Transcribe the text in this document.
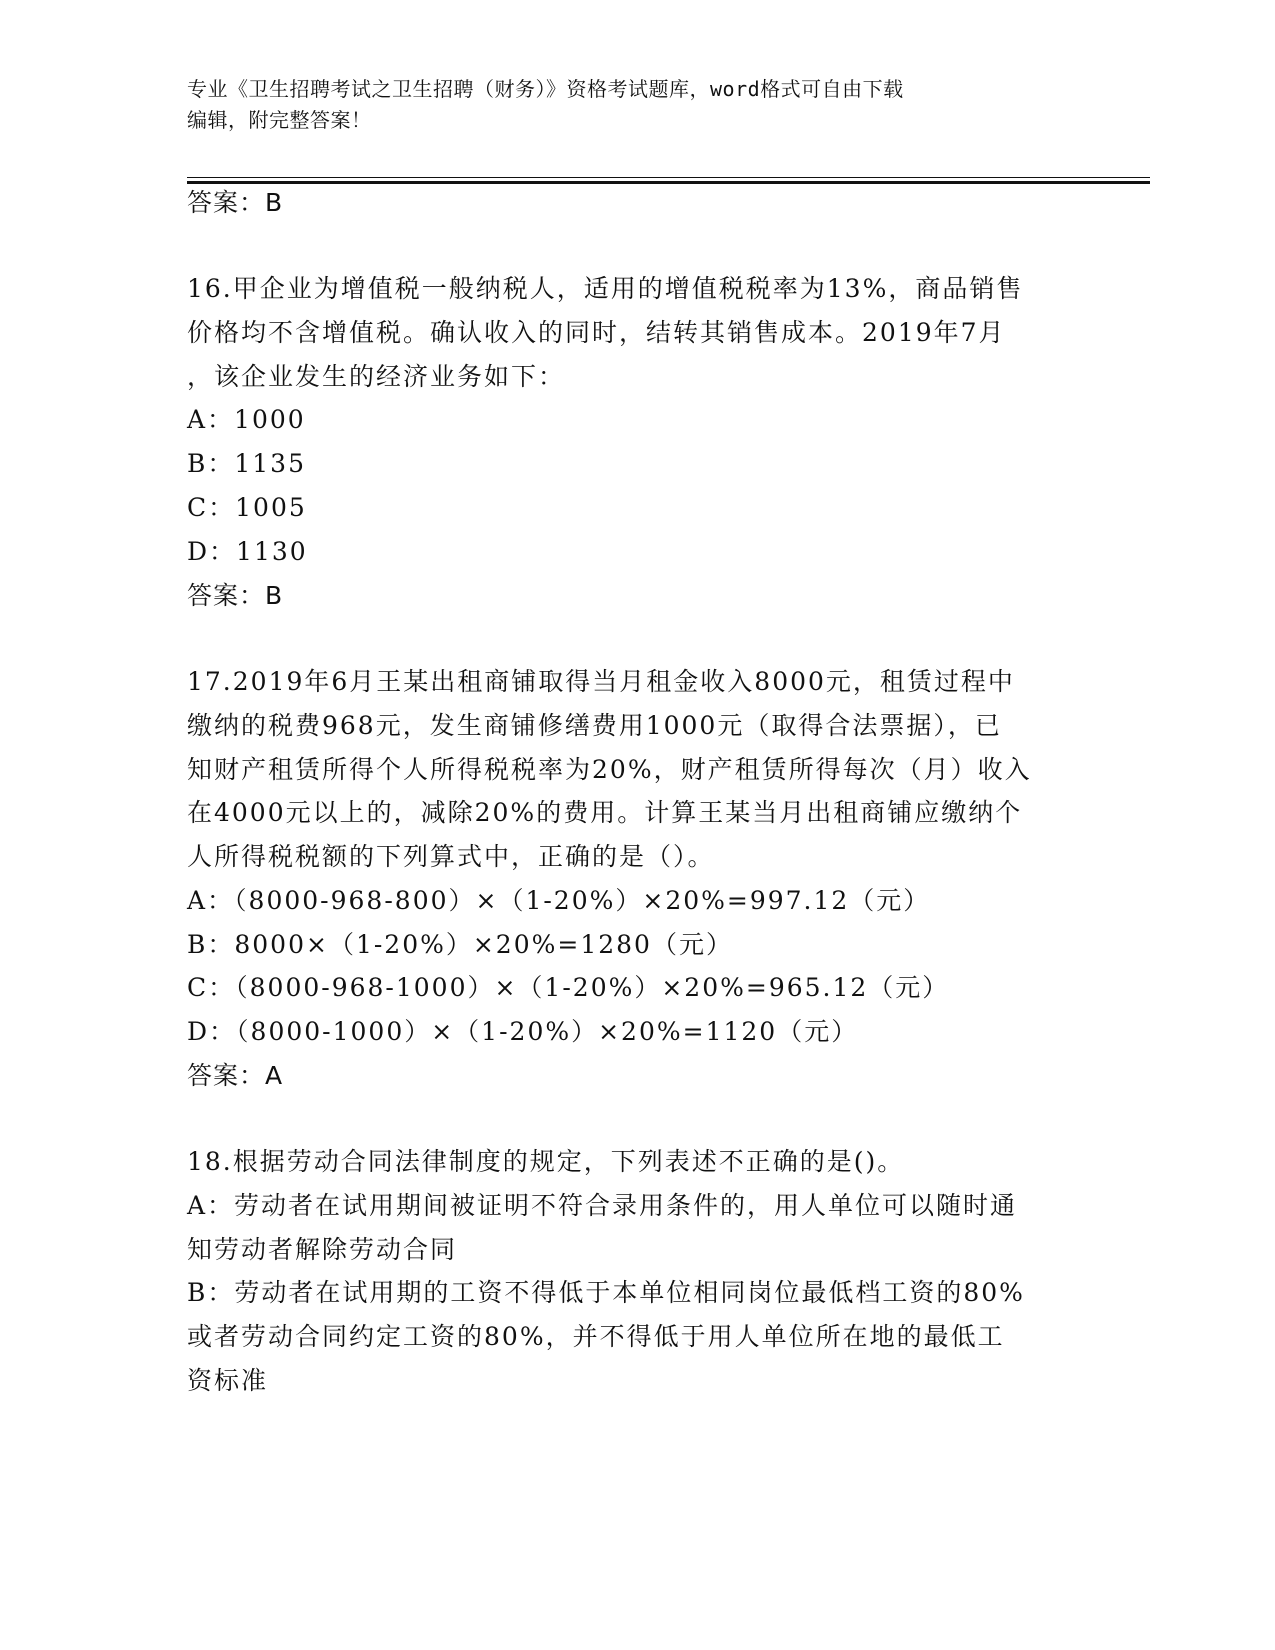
专业《卫生招聘考试之卫生招聘（财务）》资格考试题库，word格式可自由下载
编辑，附完整答案！
答案：B
16.甲企业为增值税一般纳税人，适用的增值税税率为13%，商品销售
价格均不含增值税。确认收入的同时，结转其销售成本。2019年7月
，该企业发生的经济业务如下：
A：1000
B：1135
C：1005
D：1130
答案：B
17.2019年6月王某出租商铺取得当月租金收入8000元，租赁过程中
缴纳的税费968元，发生商铺修缮费用1000元（取得合法票据），已
知财产租赁所得个人所得税税率为20%，财产租赁所得每次（月）收入
在4000元以上的，减除20%的费用。计算王某当月出租商铺应缴纳个
人所得税税额的下列算式中，正确的是（）。
A：（8000-968-800）×（1-20%）×20%=997.12（元）
B：8000×（1-20%）×20%=1280（元）
C：（8000-968-1000）×（1-20%）×20%=965.12（元）
D：（8000-1000）×（1-20%）×20%=1120（元）
答案：A
18.根据劳动合同法律制度的规定，下列表述不正确的是()。
A：劳动者在试用期间被证明不符合录用条件的，用人单位可以随时通
知劳动者解除劳动合同
B：劳动者在试用期的工资不得低于本单位相同岗位最低档工资的80%
或者劳动合同约定工资的80%，并不得低于用人单位所在地的最低工
资标准
